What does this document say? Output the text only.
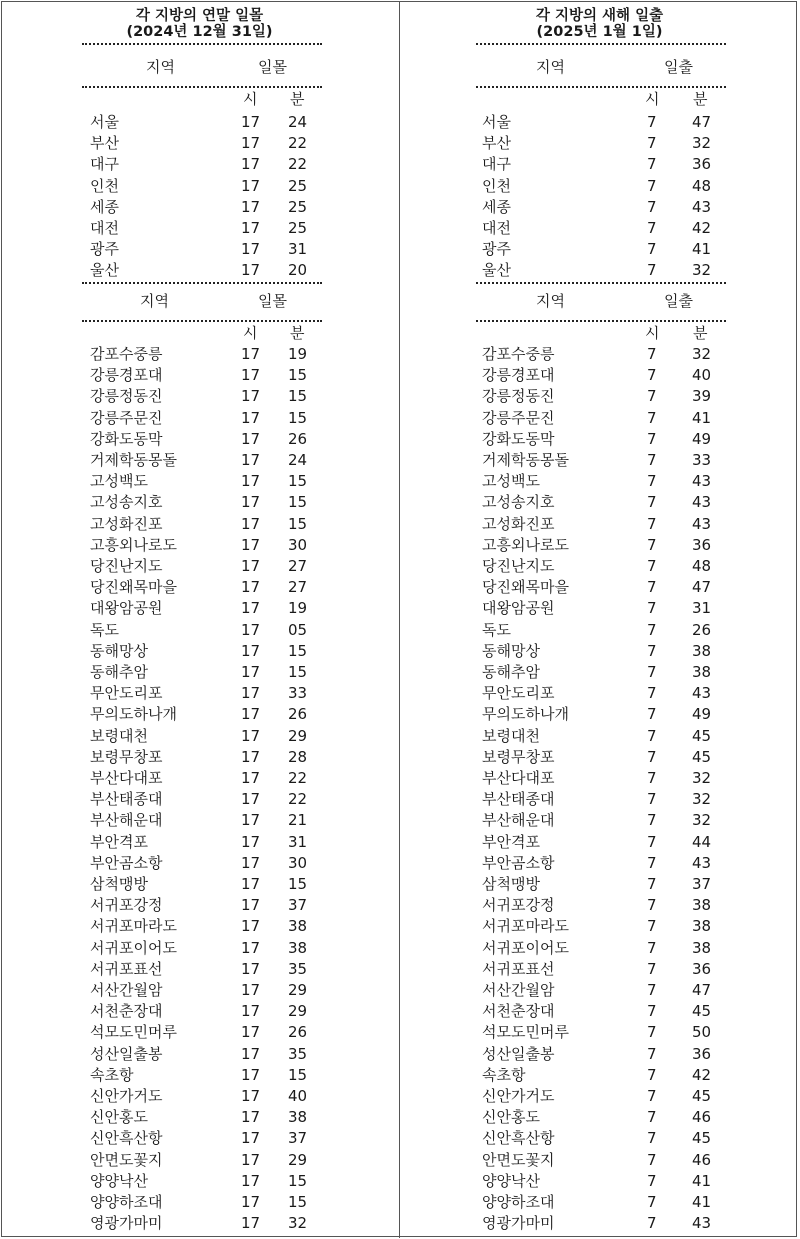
각 지방의 연말 일몰
(2024년 12월 31일)
지역	일몰
시 분
서울	17 24
부산	17 22
대구	17 22
인천	17 25
세종	17 25
대전	17 25
광주	17 31
울산	17 20
지역	일몰
시 분
감포수중릉	17 19
강릉경포대	17 15
강릉정동진	17 15
강릉주문진	17 15
강화도동막	17 26
거제학동몽돌	17 24
고성백도	17 15
고성송지호	17 15
고성화진포	17 15
고흥외나로도	17 30
당진난지도	17 27
당진왜목마을	17 27
대왕암공원	17 19
독도	17 05
동해망상	17 15
동해추암	17 15
무안도리포	17 33
무의도하나개	17 26
보령대천	17 29
보령무창포	17 28
부산다대포	17 22
부산태종대	17 22
부산해운대	17 21
부안격포	17 31
부안곰소항	17 30
삼척맹방	17 15
서귀포강정	17 37
서귀포마라도	17 38
서귀포이어도	17 38
서귀포표선	17 35
서산간월암	17 29
서천춘장대	17 29
석모도민머루	17 26
성산일출봉	17 35
속초항	17 15
신안가거도	17 40
신안홍도	17 38
신안흑산항	17 37
안면도꽃지	17 29
양양낙산	17 15
양양하조대	17 15
영광가마미	17 32
각 지방의 새해 일출
(2025년 1월 1일)
지역	일출
시 분
서울	7 47
부산	7 32
대구	7 36
인천	7 48
세종	7 43
대전	7 42
광주	7 41
울산	7 32
지역	일출
시 분
감포수중릉	7 32
강릉경포대	7 40
강릉정동진	7 39
강릉주문진	7 41
강화도동막	7 49
거제학동몽돌	7 33
고성백도	7 43
고성송지호	7 43
고성화진포	7 43
고흥외나로도	7 36
당진난지도	7 48
당진왜목마을	7 47
대왕암공원	7 31
독도	7 26
동해망상	7 38
동해추암	7 38
무안도리포	7 43
무의도하나개	7 49
보령대천	7 45
보령무창포	7 45
부산다대포	7 32
부산태종대	7 32
부산해운대	7 32
부안격포	7 44
부안곰소항	7 43
삼척맹방	7 37
서귀포강정	7 38
서귀포마라도	7 38
서귀포이어도	7 38
서귀포표선	7 36
서산간월암	7 47
서천춘장대	7 45
석모도민머루	7 50
성산일출봉	7 36
속초항	7 42
신안가거도	7 45
신안홍도	7 46
신안흑산항	7 45
안면도꽃지	7 46
양양낙산	7 41
양양하조대	7 41
영광가마미	7 43
